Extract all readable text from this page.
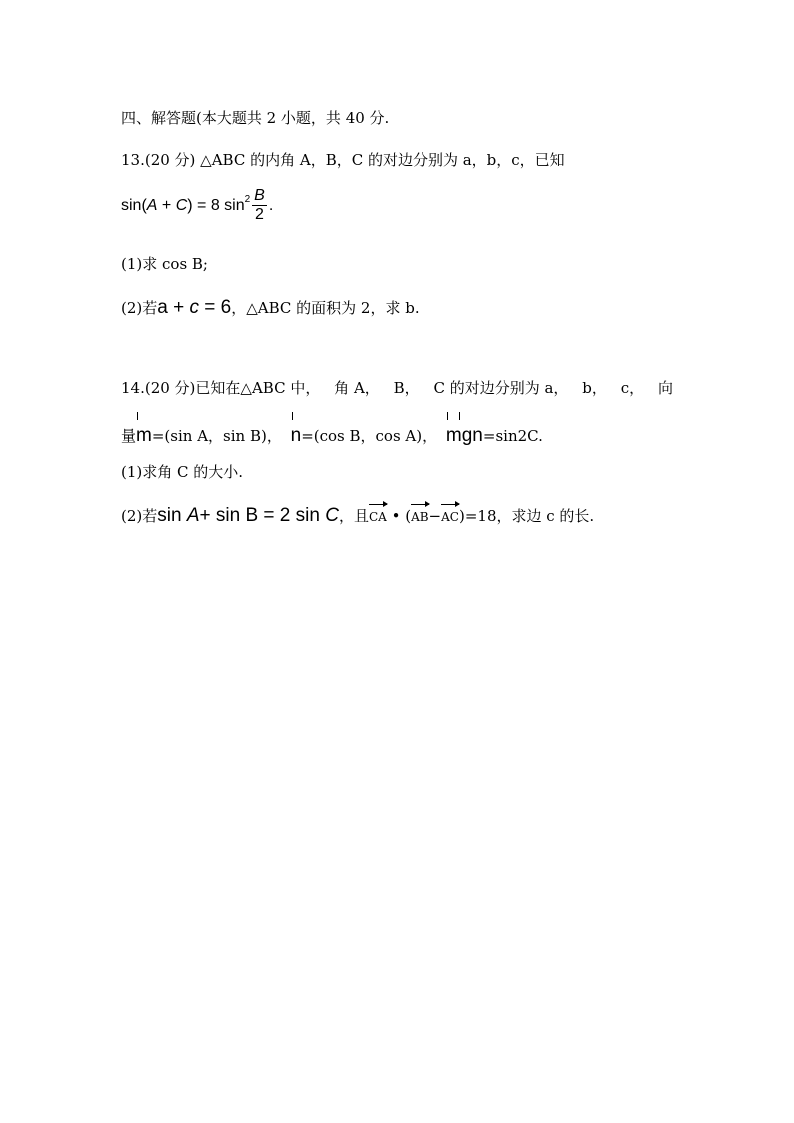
四、解答题(本大题共 2 小题，共 40 分.
13.(20 分) △ABC 的内角 A，B，C 的对边分别为 a，b，c，已知
sin(A + C) = 8 $\sin^2 \frac{B}{2}$ .
(1)求 cos B;
(2)若a + c = 6，△ABC 的面积为 2，求 b.
14.(20 分)已知在△ABC 中， 角 A， B， C 的对边分别为 a， b， c， 向
量
m=(sin A，sin B)， n=(cos B，cos A)， mgn=sin2C.
(1)求角 C 的大小.
(2)若sin A+ sin B = 2 sin C，且CA • (AB−AC)=18，求边 c 的长.
